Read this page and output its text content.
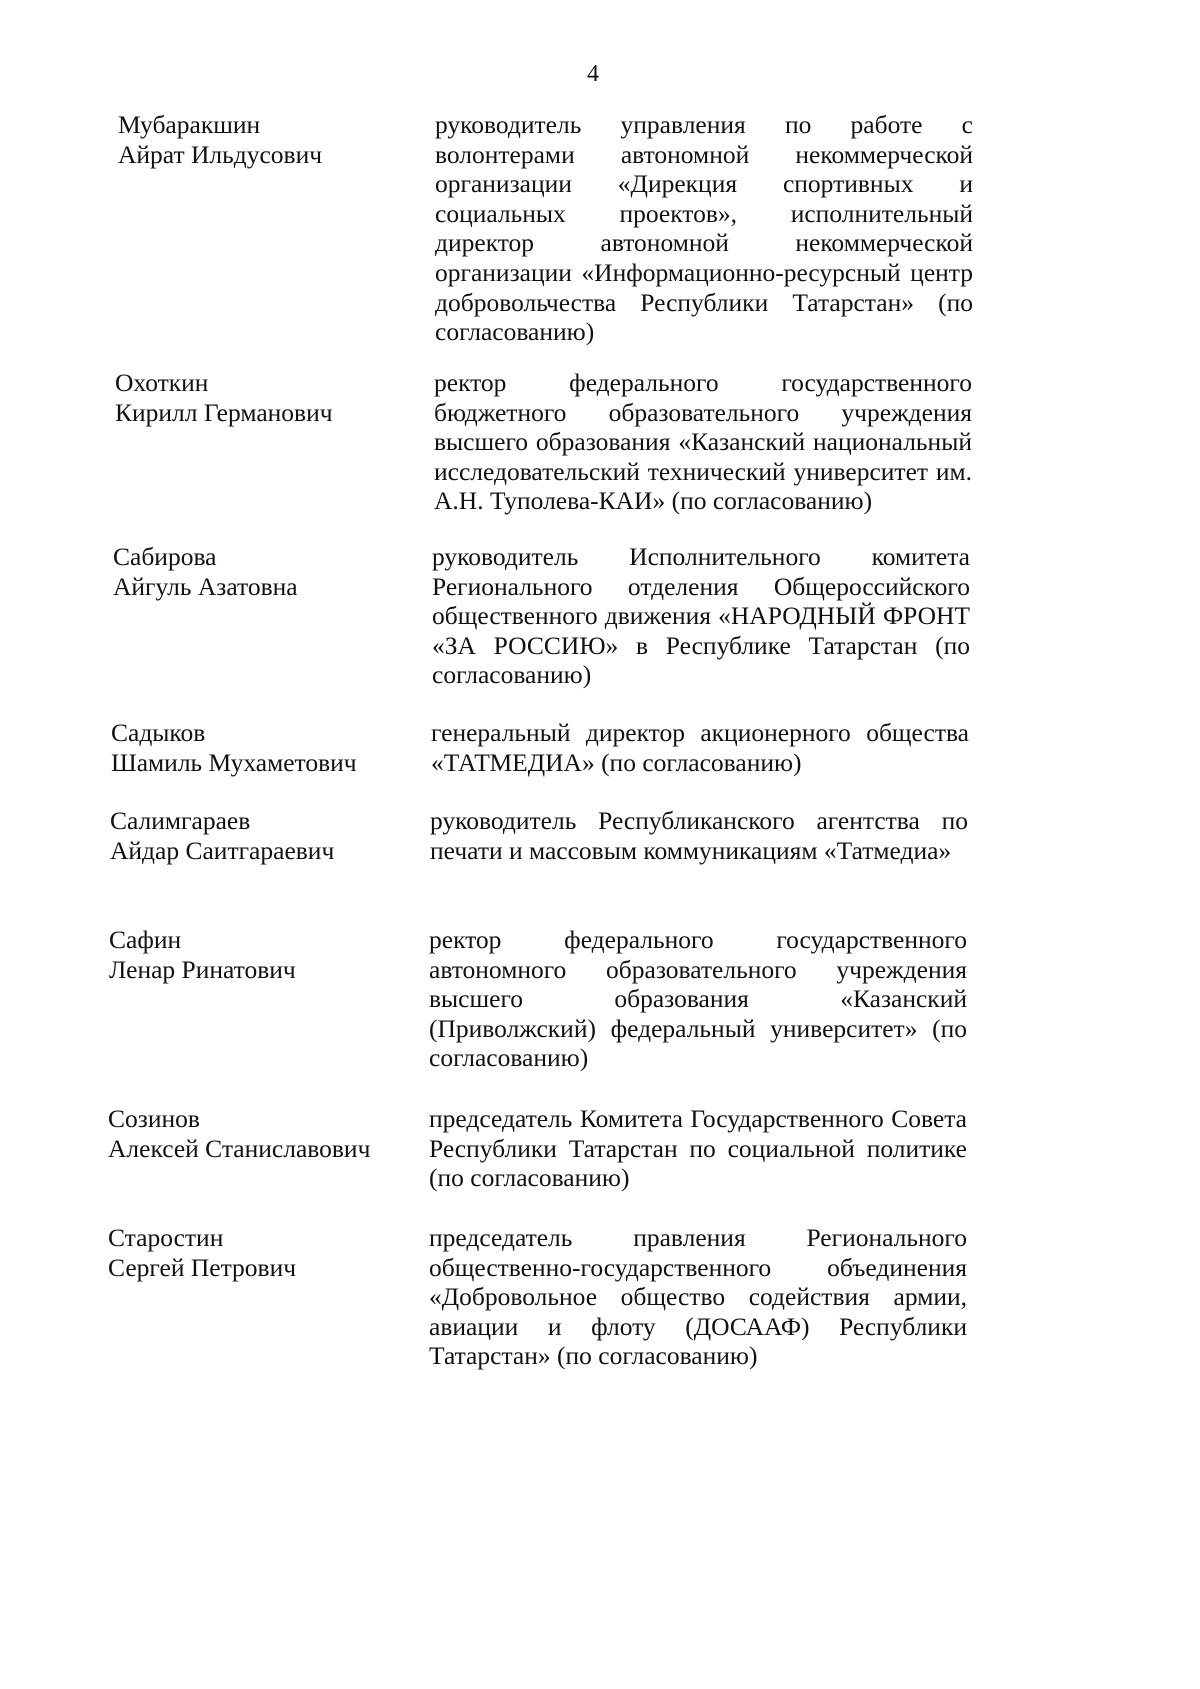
4
Мубаракшин
Айрат Ильдусович
руководитель управления по работе с волонтерами автономной некоммерческой организации «Дирекция спортивных и социальных проектов», исполнительный директор автономной некоммерческой организации «Информационно-ресурсный центр добровольчества Республики Татарстан» (по согласованию)
Охоткин
Кирилл Германович
ректор федерального государственного бюджетного образовательного учреждения высшего образования «Казанский национальный исследовательский технический университет им. А.Н. Туполева-КАИ» (по согласованию)
Сабирова
Айгуль Азатовна
руководитель Исполнительного комитета Регионального отделения Общероссийского общественного движения «НАРОДНЫЙ ФРОНТ «ЗА РОССИЮ» в Республике Татарстан (по согласованию)
Садыков
Шамиль Мухаметович
генеральный директор акционерного общества «ТАТМЕДИА» (по согласованию)
Салимгараев
Айдар Саитгараевич
руководитель Республиканского агентства по печати и массовым коммуникациям «Татмедиа»
Сафин
Ленар Ринатович
ректор федерального государственного автономного образовательного учреждения высшего образования «Казанский (Приволжский) федеральный университет» (по согласованию)
Созинов
Алексей Станиславович
председатель Комитета Государственного Совета Республики Татарстан по социальной политике (по согласованию)
Старостин
Сергей Петрович
председатель правления Регионального общественно-государственного объединения «Добровольное общество содействия армии, авиации и флоту (ДОСААФ) Республики Татарстан» (по согласованию)
